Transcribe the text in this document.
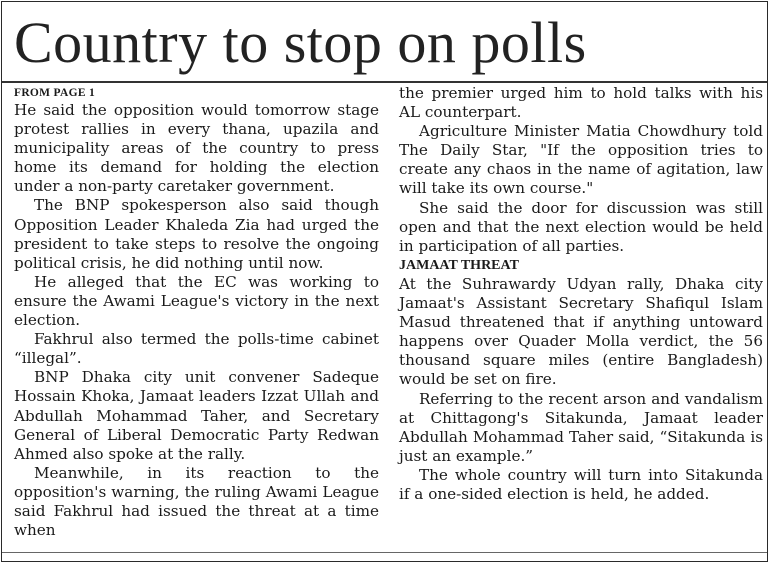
Country to stop on polls
FROM PAGE 1

He said the opposition would tomorrow stage protest rallies in every thana, upazila and municipality areas of the country to press home its demand for holding the election under a non-party caretaker government.

The BNP spokesperson also said though Opposition Leader Khaleda Zia had urged the president to take steps to resolve the ongoing political crisis, he did nothing until now.

He alleged that the EC was working to ensure the Awami League's victory in the next election.

Fakhrul also termed the polls-time cabinet “illegal”.

BNP Dhaka city unit convener Sadeque Hossain Khoka, Jamaat leaders Izzat Ullah and Abdullah Mohammad Taher, and Secretary General of Liberal Democratic Party Redwan Ahmed also spoke at the rally.

Meanwhile, in its reaction to the opposition's warning, the ruling Awami League said Fakhrul had issued the threat at a time when

the premier urged him to hold talks with his AL counterpart.

Agriculture Minister Matia Chowdhury told The Daily Star, "If the opposition tries to create any chaos in the name of agitation, law will take its own course."

She said the door for discussion was still open and that the next election would be held in participation of all parties.

JAMAAT THREAT

At the Suhrawardy Udyan rally, Dhaka city Jamaat's Assistant Secretary Shafiqul Islam Masud threatened that if anything untoward happens over Quader Molla verdict, the 56 thousand square miles (entire Bangladesh) would be set on fire.

Referring to the recent arson and vandalism at Chittagong's Sitakunda, Jamaat leader Abdullah Mohammad Taher said, “Sitakunda is just an example.”

The whole country will turn into Sitakunda if a one-sided election is held, he added.
